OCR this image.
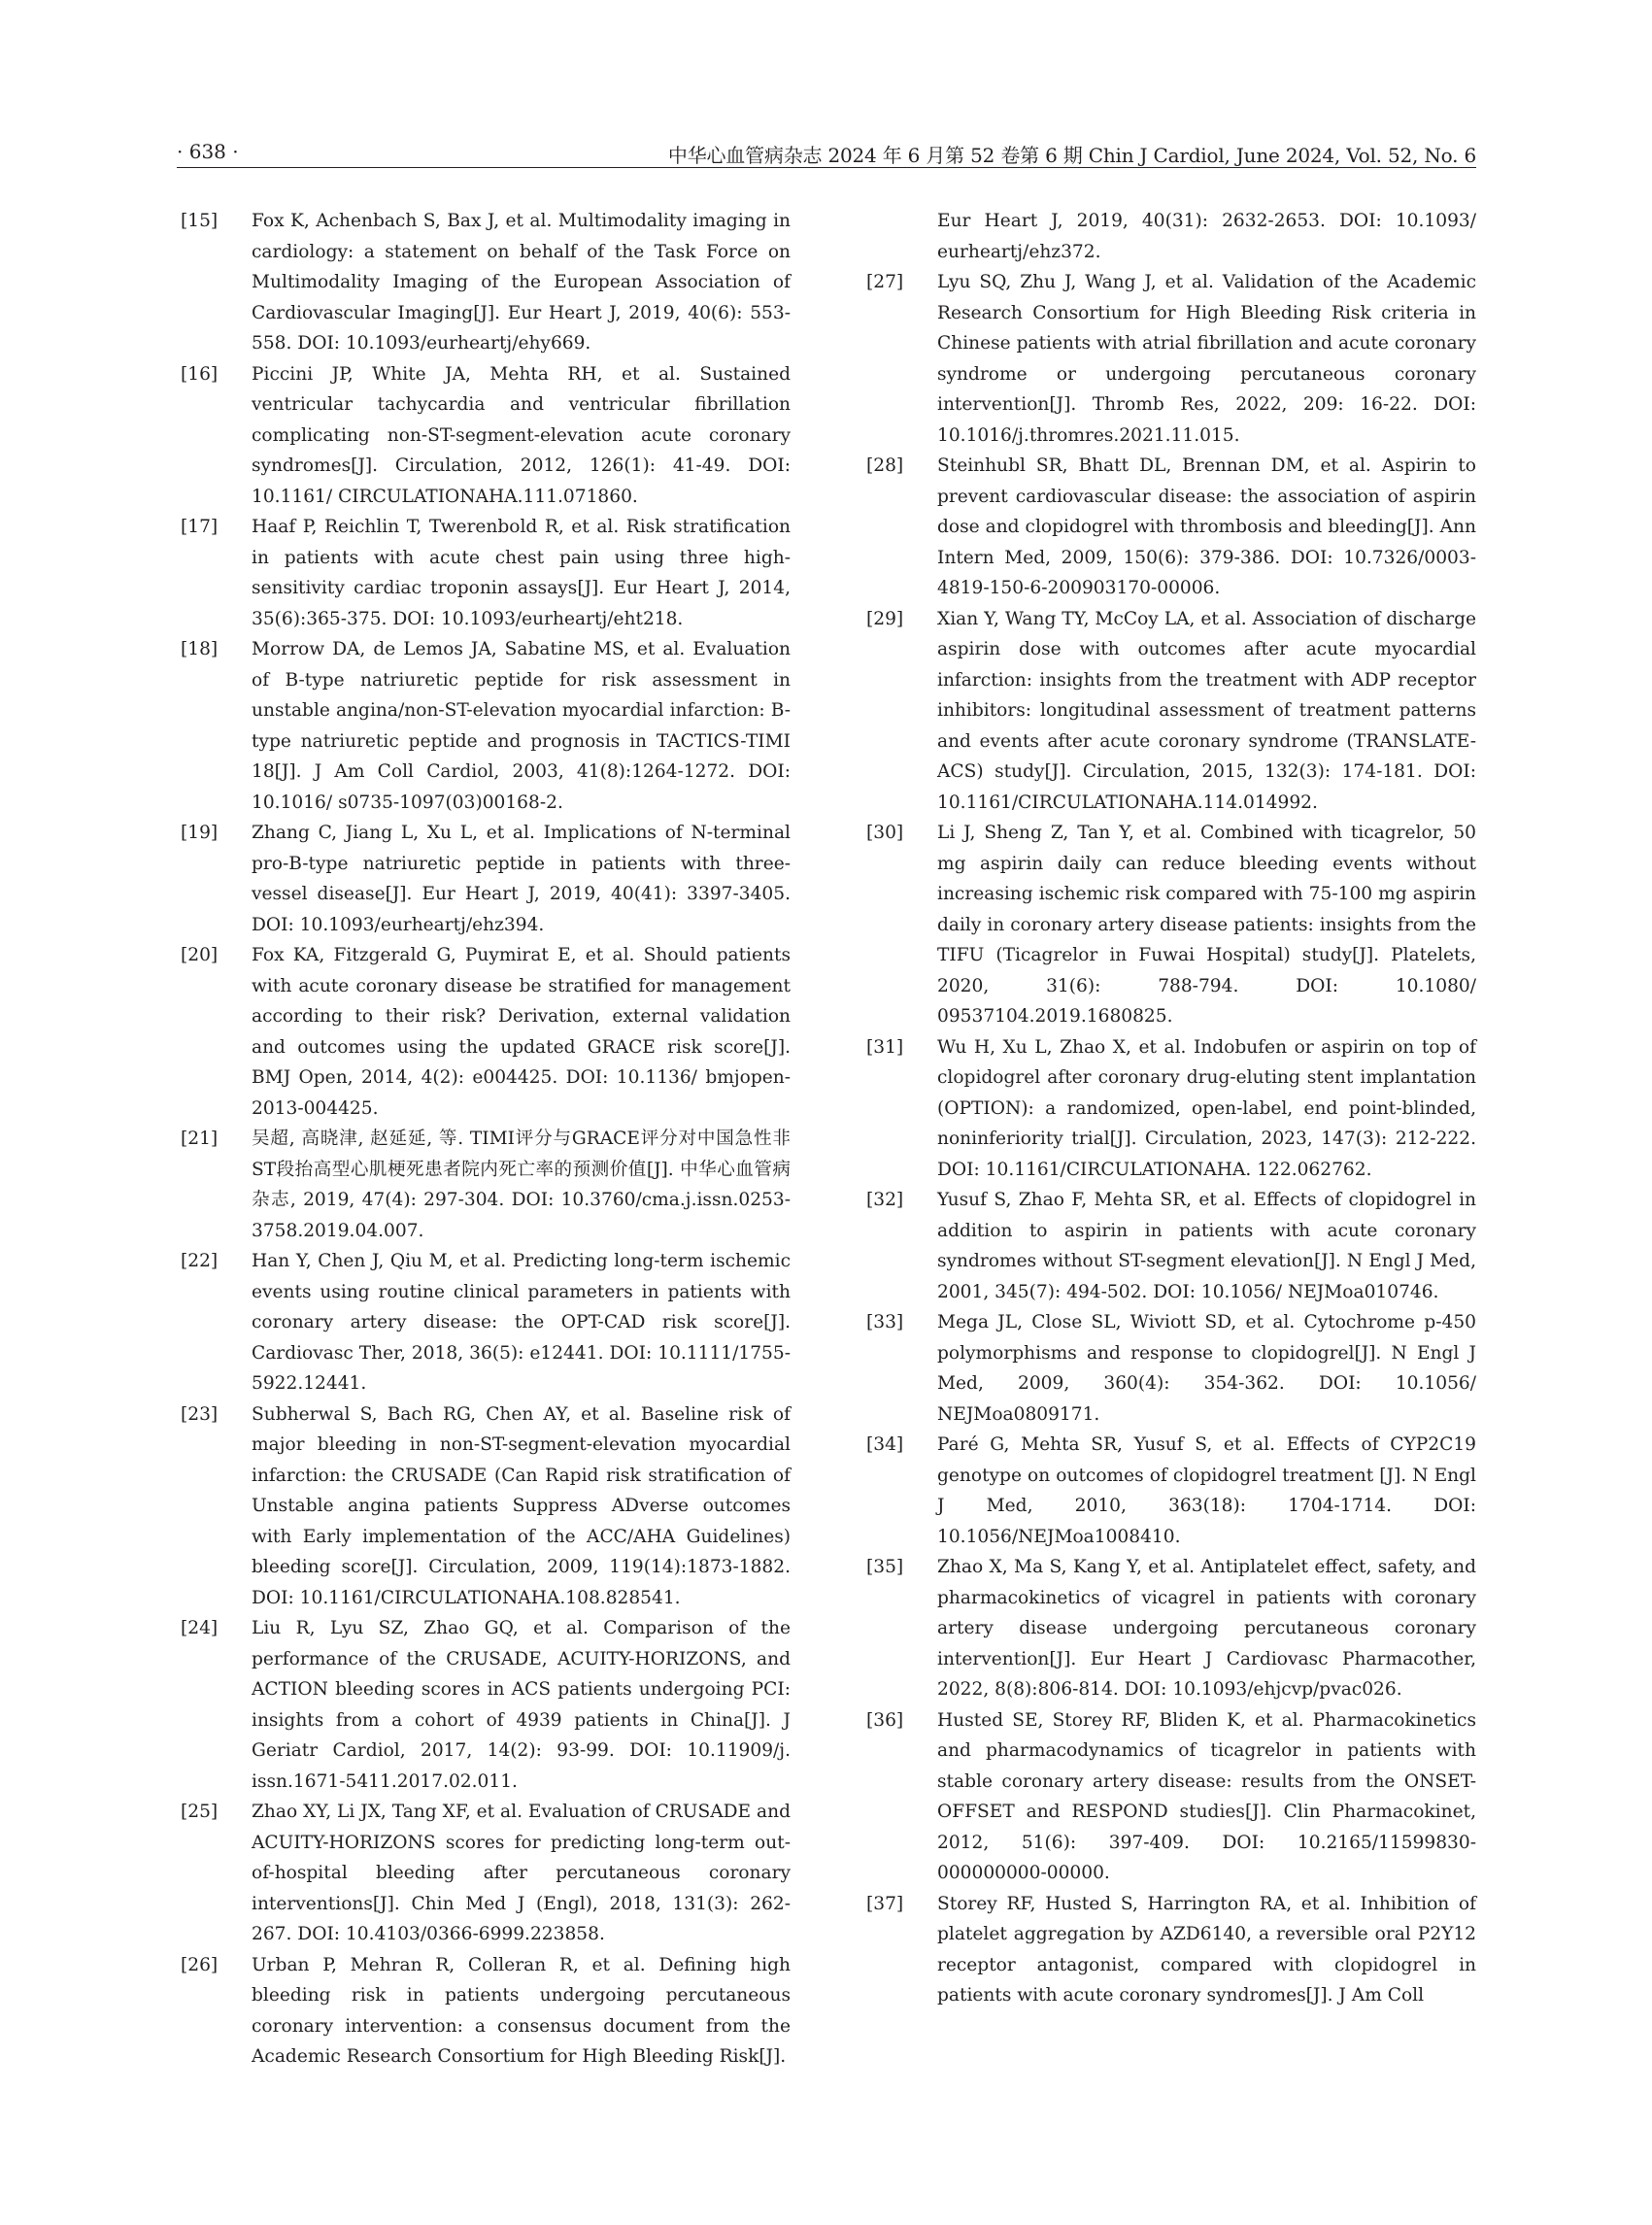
· 638 ·	中华心血管病杂志 2024 年 6 月第 52 卷第 6 期 Chin J Cardiol, June 2024, Vol. 52, No. 6
[15] Fox K, Achenbach S, Bax J, et al. Multimodality imaging in cardiology: a statement on behalf of the Task Force on Multimodality Imaging of the European Association of Cardiovascular Imaging[J]. Eur Heart J, 2019, 40(6): 553-558. DOI: 10.1093/eurheartj/ehy669.
[16] Piccini JP, White JA, Mehta RH, et al. Sustained ventricular tachycardia and ventricular fibrillation complicating non-ST-segment-elevation acute coronary syndromes[J]. Circulation, 2012, 126(1): 41-49. DOI: 10.1161/ CIRCULATIONAHA.111.071860.
[17] Haaf P, Reichlin T, Twerenbold R, et al. Risk stratification in patients with acute chest pain using three high-sensitivity cardiac troponin assays[J]. Eur Heart J, 2014, 35(6):365-375. DOI: 10.1093/eurheartj/eht218.
[18] Morrow DA, de Lemos JA, Sabatine MS, et al. Evaluation of B-type natriuretic peptide for risk assessment in unstable angina/non-ST-elevation myocardial infarction: B-type natriuretic peptide and prognosis in TACTICS-TIMI 18[J]. J Am Coll Cardiol, 2003, 41(8):1264-1272. DOI: 10.1016/ s0735-1097(03)00168-2.
[19] Zhang C, Jiang L, Xu L, et al. Implications of N-terminal pro-B-type natriuretic peptide in patients with three-vessel disease[J]. Eur Heart J, 2019, 40(41): 3397-3405. DOI: 10.1093/eurheartj/ehz394.
[20] Fox KA, Fitzgerald G, Puymirat E, et al. Should patients with acute coronary disease be stratified for management according to their risk? Derivation, external validation and outcomes using the updated GRACE risk score[J]. BMJ Open, 2014, 4(2): e004425. DOI: 10.1136/ bmjopen-2013-004425.
[21] 吴超, 高晓津, 赵延延, 等. TIMI评分与GRACE评分对中国急性非ST段抬高型心肌梗死患者院内死亡率的预测价值[J]. 中华心血管病杂志, 2019, 47(4): 297-304. DOI: 10.3760/cma.j.issn.0253-3758.2019.04.007.
[22] Han Y, Chen J, Qiu M, et al. Predicting long-term ischemic events using routine clinical parameters in patients with coronary artery disease: the OPT-CAD risk score[J]. Cardiovasc Ther, 2018, 36(5): e12441. DOI: 10.1111/1755-5922.12441.
[23] Subherwal S, Bach RG, Chen AY, et al. Baseline risk of major bleeding in non-ST-segment-elevation myocardial infarction: the CRUSADE (Can Rapid risk stratification of Unstable angina patients Suppress ADverse outcomes with Early implementation of the ACC/AHA Guidelines) bleeding score[J]. Circulation, 2009, 119(14):1873-1882. DOI: 10.1161/CIRCULATIONAHA.108.828541.
[24] Liu R, Lyu SZ, Zhao GQ, et al. Comparison of the performance of the CRUSADE, ACUITY-HORIZONS, and ACTION bleeding scores in ACS patients undergoing PCI: insights from a cohort of 4939 patients in China[J]. J Geriatr Cardiol, 2017, 14(2): 93-99. DOI: 10.11909/j. issn.1671-5411.2017.02.011.
[25] Zhao XY, Li JX, Tang XF, et al. Evaluation of CRUSADE and ACUITY-HORIZONS scores for predicting long-term out-of-hospital bleeding after percutaneous coronary interventions[J]. Chin Med J (Engl), 2018, 131(3): 262-267. DOI: 10.4103/0366-6999.223858.
[26] Urban P, Mehran R, Colleran R, et al. Defining high bleeding risk in patients undergoing percutaneous coronary intervention: a consensus document from the Academic Research Consortium for High Bleeding Risk[J].
Eur Heart J, 2019, 40(31): 2632-2653. DOI: 10.1093/ eurheartj/ehz372.
[27] Lyu SQ, Zhu J, Wang J, et al. Validation of the Academic Research Consortium for High Bleeding Risk criteria in Chinese patients with atrial fibrillation and acute coronary syndrome or undergoing percutaneous coronary intervention[J]. Thromb Res, 2022, 209: 16-22. DOI: 10.1016/j.thromres.2021.11.015.
[28] Steinhubl SR, Bhatt DL, Brennan DM, et al. Aspirin to prevent cardiovascular disease: the association of aspirin dose and clopidogrel with thrombosis and bleeding[J]. Ann Intern Med, 2009, 150(6): 379-386. DOI: 10.7326/0003-4819-150-6-200903170-00006.
[29] Xian Y, Wang TY, McCoy LA, et al. Association of discharge aspirin dose with outcomes after acute myocardial infarction: insights from the treatment with ADP receptor inhibitors: longitudinal assessment of treatment patterns and events after acute coronary syndrome (TRANSLATE-ACS) study[J]. Circulation, 2015, 132(3): 174-181. DOI: 10.1161/CIRCULATIONAHA.114.014992.
[30] Li J, Sheng Z, Tan Y, et al. Combined with ticagrelor, 50 mg aspirin daily can reduce bleeding events without increasing ischemic risk compared with 75-100 mg aspirin daily in coronary artery disease patients: insights from the TIFU (Ticagrelor in Fuwai Hospital) study[J]. Platelets, 2020, 31(6): 788-794. DOI: 10.1080/ 09537104.2019.1680825.
[31] Wu H, Xu L, Zhao X, et al. Indobufen or aspirin on top of clopidogrel after coronary drug-eluting stent implantation (OPTION): a randomized, open-label, end point-blinded, noninferiority trial[J]. Circulation, 2023, 147(3): 212-222. DOI: 10.1161/CIRCULATIONAHA. 122.062762.
[32] Yusuf S, Zhao F, Mehta SR, et al. Effects of clopidogrel in addition to aspirin in patients with acute coronary syndromes without ST-segment elevation[J]. N Engl J Med, 2001, 345(7): 494-502. DOI: 10.1056/ NEJMoa010746.
[33] Mega JL, Close SL, Wiviott SD, et al. Cytochrome p-450 polymorphisms and response to clopidogrel[J]. N Engl J Med, 2009, 360(4): 354-362. DOI: 10.1056/ NEJMoa0809171.
[34] Paré G, Mehta SR, Yusuf S, et al. Effects of CYP2C19 genotype on outcomes of clopidogrel treatment [J]. N Engl J Med, 2010, 363(18): 1704-1714. DOI: 10.1056/NEJMoa1008410.
[35] Zhao X, Ma S, Kang Y, et al. Antiplatelet effect, safety, and pharmacokinetics of vicagrel in patients with coronary artery disease undergoing percutaneous coronary intervention[J]. Eur Heart J Cardiovasc Pharmacother, 2022, 8(8):806-814. DOI: 10.1093/ehjcvp/pvac026.
[36] Husted SE, Storey RF, Bliden K, et al. Pharmacokinetics and pharmacodynamics of ticagrelor in patients with stable coronary artery disease: results from the ONSET-OFFSET and RESPOND studies[J]. Clin Pharmacokinet, 2012, 51(6): 397-409. DOI: 10.2165/11599830-000000000-00000.
[37] Storey RF, Husted S, Harrington RA, et al. Inhibition of platelet aggregation by AZD6140, a reversible oral P2Y12 receptor antagonist, compared with clopidogrel in patients with acute coronary syndromes[J]. J Am Coll
